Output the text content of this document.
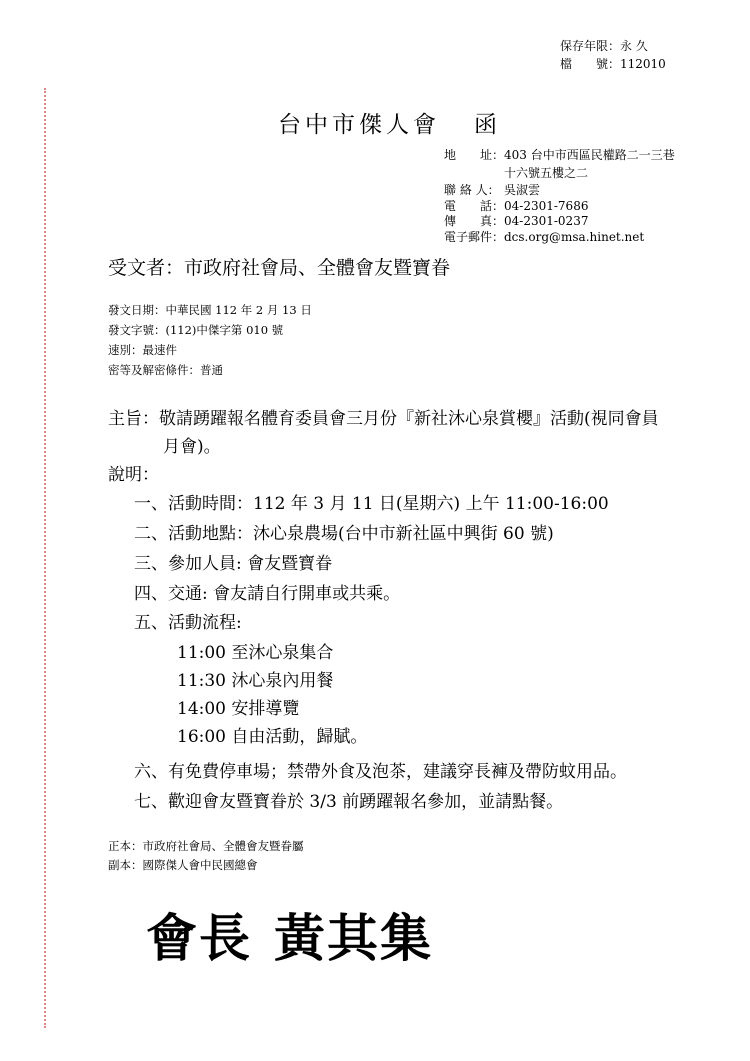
保存年限：永 久
檔　　號：112010
台中市傑人會 函
地　　址：403 台中市西區民權路二一三巷
十六號五樓之二
聯 絡 人： 吳淑雲
電　　話：04-2301-7686
傳　　真：04-2301-0237
電子郵件：dcs.org@msa.hinet.net
受文者：市政府社會局、全體會友暨寶眷
發文日期：中華民國 112 年 2 月 13 日
發文字號：(112)中傑字第 010 號
速別：最速件
密等及解密條件：普通
主旨：敬請踴躍報名體育委員會三月份『新社沐心泉賞櫻』活動(視同會員
月會)。
說明：
一、活動時間：112 年 3 月 11 日(星期六) 上午 11:00-16:00
二、活動地點：沐心泉農場(台中市新社區中興街 60 號)
三、參加人員: 會友暨寶眷
四、交通: 會友請自行開車或共乘。
五、活動流程:
11:00 至沐心泉集合
11:30 沐心泉內用餐
14:00 安排導覽
16:00 自由活動，歸賦。
六、有免費停車場；禁帶外食及泡茶，建議穿長褲及帶防蚊用品。
七、歡迎會友暨寶眷於 3/3 前踴躍報名參加，並請點餐。
正本：市政府社會局、全體會友暨眷屬
副本：國際傑人會中民國總會
會長 黃其集
